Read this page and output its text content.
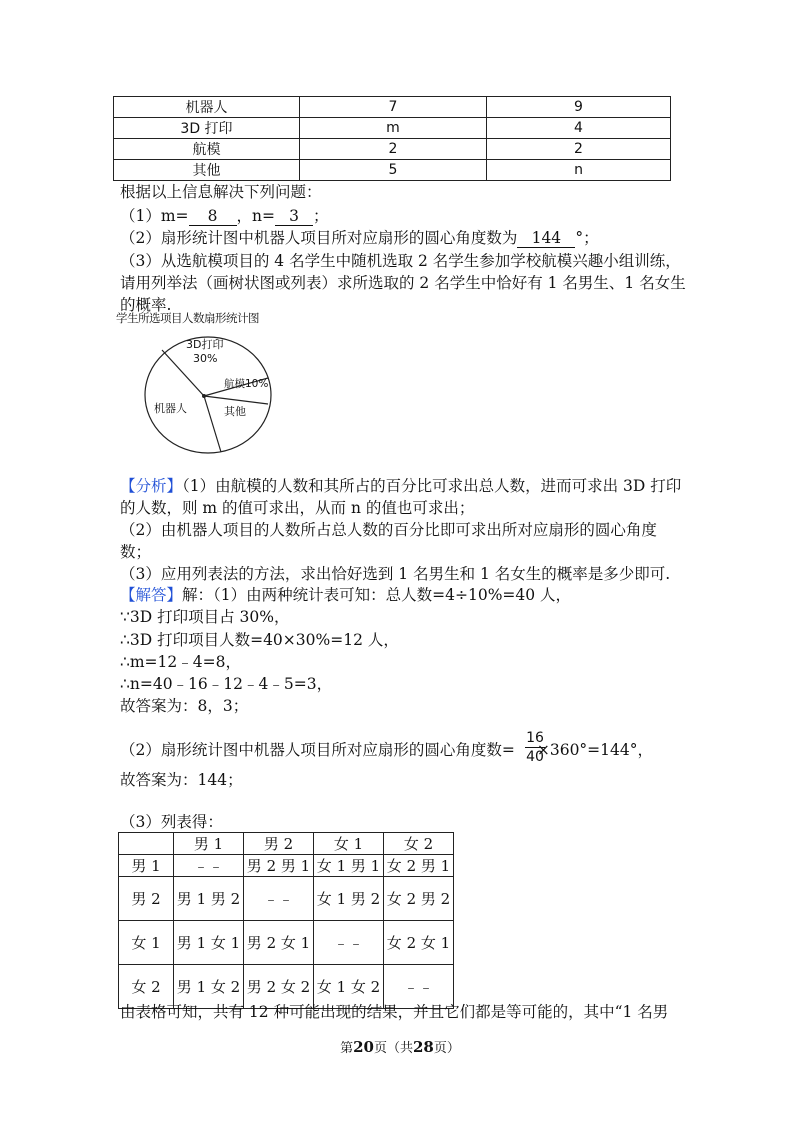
机器人	7	9
3D 打印	m	4
航模	2	2
其他	5	n
根据以上信息解决下列问题：
（1）m= 8 ，n= 3 ；
（2）扇形统计图中机器人项目所对应扇形的圆心角度数为 144 °；
（3）从选航模项目的 4 名学生中随机选取 2 名学生参加学校航模兴趣小组训练，
请用列举法（画树状图或列表）求所选取的 2 名学生中恰好有 1 名男生、1 名女生
的概率.
学生所选项目人数扇形统计图
3D打印
30%
航模10%
机器人	其他
【分析】（1）由航模的人数和其所占的百分比可求出总人数，进而可求出 3D 打印
的人数，则 m 的值可求出，从而 n 的值也可求出；
（2）由机器人项目的人数所占总人数的百分比即可求出所对应扇形的圆心角度
数；
（3）应用列表法的方法，求出恰好选到 1 名男生和 1 名女生的概率是多少即可.
【解答】解：（1）由两种统计表可知：总人数=4÷10%=40 人，
∵3D 打印项目占 30%，
∴3D 打印项目人数=40×30%=12 人，
∴m=12﹣4=8，
∴n=40﹣16﹣12﹣4﹣5=3，
故答案为：8，3；
（2）扇形统计图中机器人项目所对应扇形的圆心角度数= ×360°=144°，
16
40
故答案为：144；
（3）列表得：
	男 1	男 2	女 1	女 2
男 1	﹣﹣	男 2 男 1	女 1 男 1	女 2 男 1
男 2	男 1 男 2	﹣﹣	女 1 男 2	女 2 男 2
女 1	男 1 女 1	男 2 女 1	﹣﹣	女 2 女 1
女 2	男 1 女 2	男 2 女 2	女 1 女 2	﹣﹣
由表格可知，共有 12 种可能出现的结果，并且它们都是等可能的，其中“1 名男
第20页（共28页）
